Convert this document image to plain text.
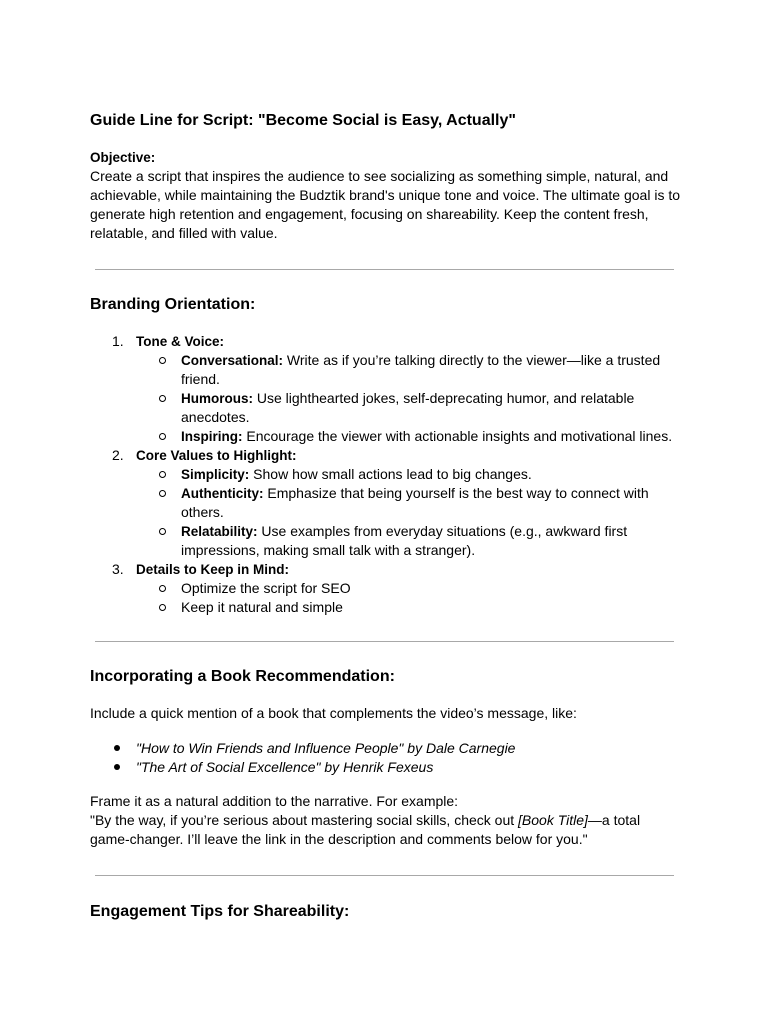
Guide Line for Script: "Become Social is Easy, Actually"
Objective:

Create a script that inspires the audience to see socializing as something simple, natural, and achievable, while maintaining the Budztik brand's unique tone and voice. The ultimate goal is to generate high retention and engagement, focusing on shareability. Keep the content fresh, relatable, and filled with value.

Branding Orientation:
1. Tone & Voice:
Conversational: Write as if you’re talking directly to the viewer—like a trusted friend.
Humorous: Use lighthearted jokes, self-deprecating humor, and relatable anecdotes.
Inspiring: Encourage the viewer with actionable insights and motivational lines.
2. Core Values to Highlight:
Simplicity: Show how small actions lead to big changes.
Authenticity: Emphasize that being yourself is the best way to connect with others.
Relatability: Use examples from everyday situations (e.g., awkward first impressions, making small talk with a stranger).
3. Details to Keep in Mind:
Optimize the script for SEO
Keep it natural and simple
Incorporating a Book Recommendation:

Include a quick mention of a book that complements the video’s message, like:

"How to Win Friends and Influence People" by Dale Carnegie
"The Art of Social Excellence" by Henrik Fexeus

Frame it as a natural addition to the narrative. For example:

"By the way, if you’re serious about mastering social skills, check out [Book Title]—a total game-changer. I’ll leave the link in the description and comments below for you."

Engagement Tips for Shareability:
